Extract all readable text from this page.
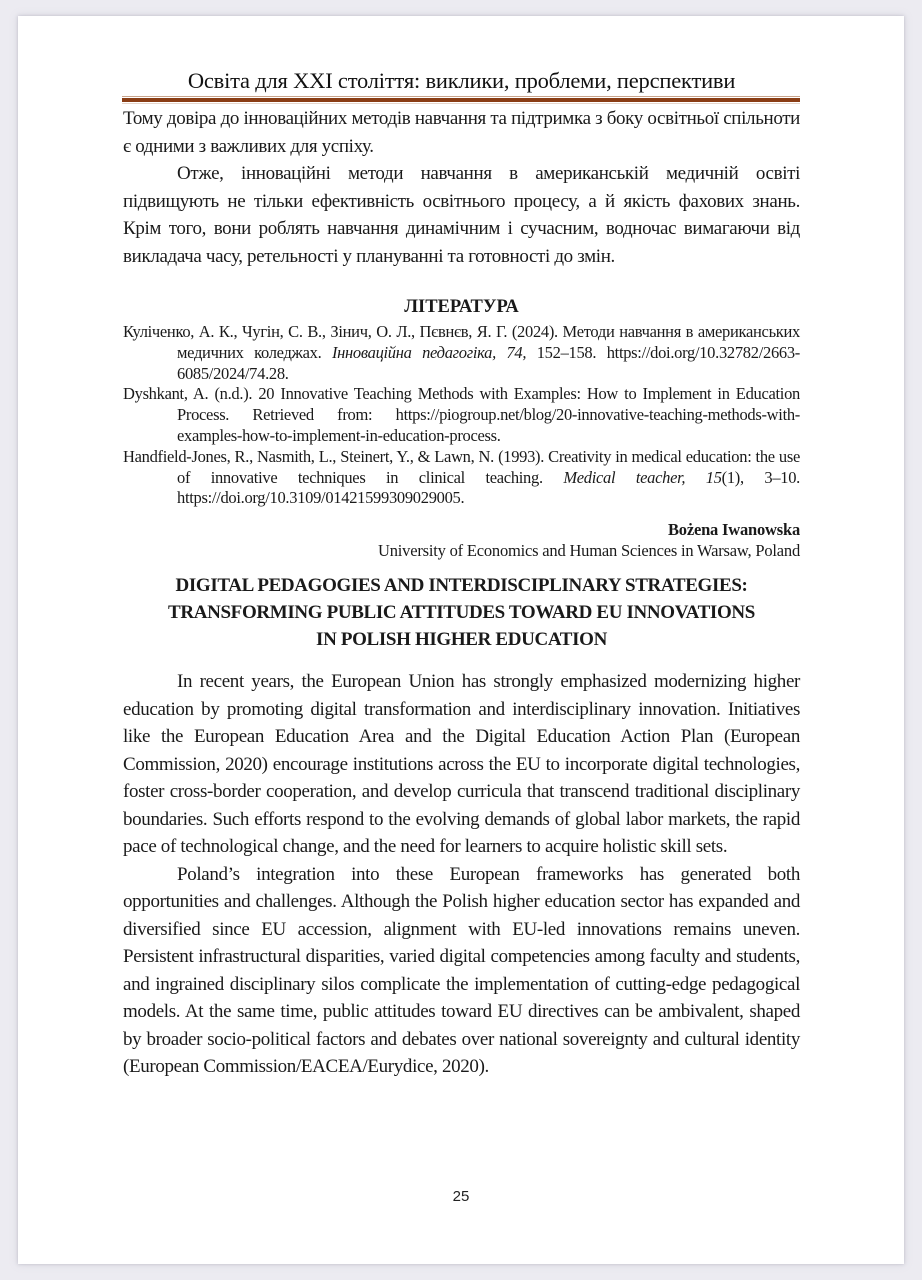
Освіта для XXI століття: виклики, проблеми, перспективи

Тому довіра до інноваційних методів навчання та підтримка з боку освітньої спільноти є одними з важливих для успіху.

Отже, інноваційні методи навчання в американській медичній освіті підвищують не тільки ефективність освітнього процесу, а й якість фахових знань. Крім того, вони роблять навчання динамічним і сучасним, водночас вимагаючи від викладача часу, ретельності у плануванні та готовності до змін.

ЛІТЕРАТУРА

Куліченко, А. К., Чугін, С. В., Зінич, О. Л., Пєвнєв, Я. Г. (2024). Методи навчання в американських медичних коледжах. Інноваційна педагогіка, 74, 152–158. https://doi.org/10.32782/2663-6085/2024/74.28.

Dyshkant, A. (n.d.). 20 Innovative Teaching Methods with Examples: How to Implement in Education Process. Retrieved from: https://piogroup.net/blog/20-innovative-teaching-methods-with-examples-how-to-implement-in-education-process.

Handfield-Jones, R., Nasmith, L., Steinert, Y., & Lawn, N. (1993). Creativity in medical education: the use of innovative techniques in clinical teaching. Medical teacher, 15(1), 3–10. https://doi.org/10.3109/01421599309029005.

Bożena Iwanowska
University of Economics and Human Sciences in Warsaw, Poland
DIGITAL PEDAGOGIES AND INTERDISCIPLINARY STRATEGIES:
TRANSFORMING PUBLIC ATTITUDES TOWARD EU INNOVATIONS
IN POLISH HIGHER EDUCATION

In recent years, the European Union has strongly emphasized modernizing higher education by promoting digital transformation and interdisciplinary innovation. Initiatives like the European Education Area and the Digital Education Action Plan (European Commission, 2020) encourage institutions across the EU to incorporate digital technologies, foster cross-border cooperation, and develop curricula that transcend traditional disciplinary boundaries. Such efforts respond to the evolving demands of global labor markets, the rapid pace of technological change, and the need for learners to acquire holistic skill sets.

Poland’s integration into these European frameworks has generated both opportunities and challenges. Although the Polish higher education sector has expanded and diversified since EU accession, alignment with EU-led innovations remains uneven. Persistent infrastructural disparities, varied digital competencies among faculty and students, and ingrained disciplinary silos complicate the implementation of cutting-edge pedagogical models. At the same time, public attitudes toward EU directives can be ambivalent, shaped by broader socio-political factors and debates over national sovereignty and cultural identity (European Commission/EACEA/Eurydice, 2020).

25
